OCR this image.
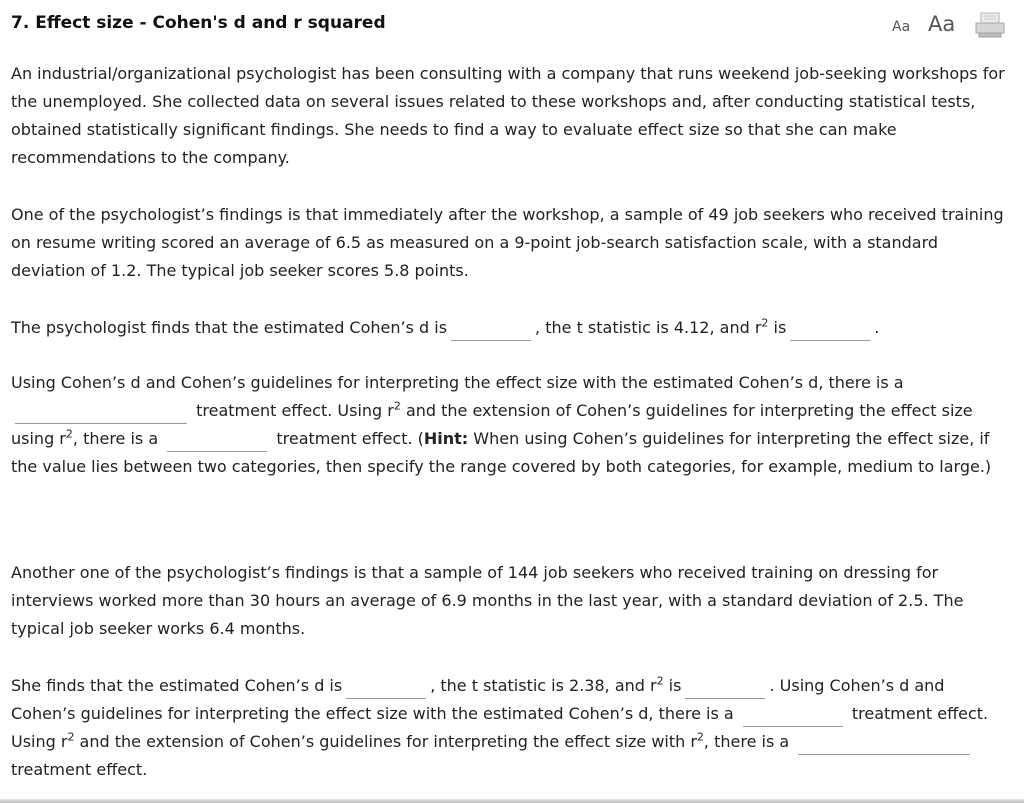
7. Effect size - Cohen's d and r squared	Aa Aa

An industrial/organizational psychologist has been consulting with a company that runs weekend job-seeking workshops for the unemployed. She collected data on several issues related to these workshops and, after conducting statistical tests, obtained statistically significant findings. She needs to find a way to evaluate effect size so that she can make recommendations to the company.

One of the psychologist’s findings is that immediately after the workshop, a sample of 49 job seekers who received training on resume writing scored an average of 6.5 as measured on a 9-point job-search satisfaction scale, with a standard deviation of 1.2. The typical job seeker scores 5.8 points.

The psychologist finds that the estimated Cohen’s d is	, the t statistic is 4.12, and $r^2$ is	.

Using Cohen’s d and Cohen’s guidelines for interpreting the effect size with the estimated Cohen’s d, there is a  treatment effect. Using $r^2$ and the extension of Cohen’s guidelines for interpreting the effect size using $r^2$, there is a	treatment effect. (Hint: When using Cohen’s guidelines for interpreting the effect size, if the value lies between two categories, then specify the range covered by both categories, for example, medium to large.)

Another one of the psychologist’s findings is that a sample of 144 job seekers who received training on dressing for interviews worked more than 30 hours an average of 6.9 months in the last year, with a standard deviation of 2.5. The typical job seeker works 6.4 months.

She finds that the estimated Cohen’s d is	, the t statistic is 2.38, and $r^2$ is	. Using Cohen’s d and Cohen’s guidelines for interpreting the effect size with the estimated Cohen’s d, there is a	treatment effect. Using $r^2$ and the extension of Cohen’s guidelines for interpreting the effect size with $r^2$, there is a  treatment effect.
